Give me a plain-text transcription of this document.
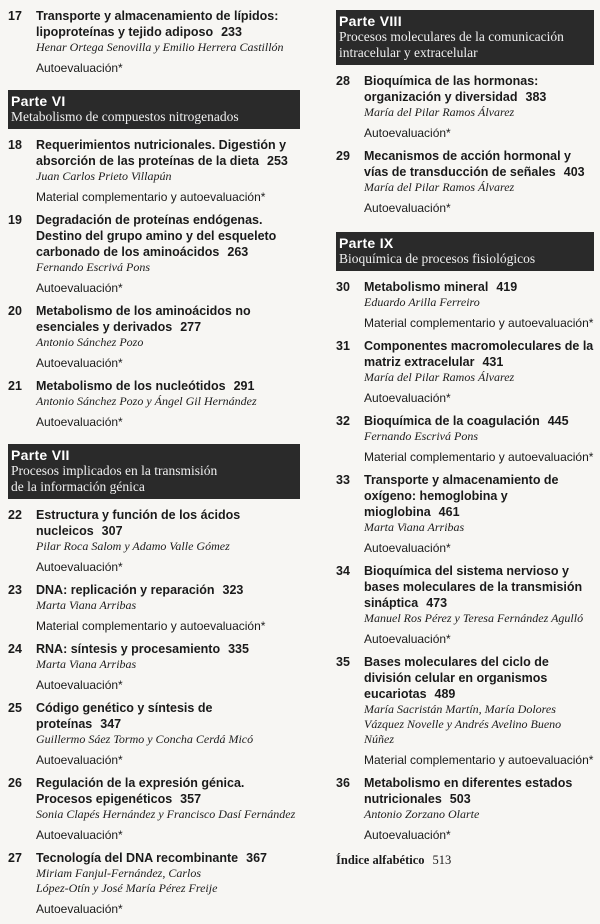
17	Transporte y almacenamiento de lípidos: lipoproteínas y tejido adiposo 233
Henar Ortega Senovilla y Emilio Herrera Castillón
Autoevaluación*
Parte VI
Metabolismo de compuestos nitrogenados
18	Requerimientos nutricionales. Digestión y absorción de las proteínas de la dieta 253
Juan Carlos Prieto Villapún
Material complementario y autoevaluación*
19	Degradación de proteínas endógenas. Destino del grupo amino y del esqueleto carbonado de los aminoácidos 263
Fernando Escrivá Pons
Autoevaluación*
20	Metabolismo de los aminoácidos no esenciales y derivados 277
Antonio Sánchez Pozo
Autoevaluación*
21	Metabolismo de los nucleótidos 291
Antonio Sánchez Pozo y Ángel Gil Hernández
Autoevaluación*
Parte VII
Procesos implicados en la transmisión de la información génica
22	Estructura y función de los ácidos nucleicos 307
Pilar Roca Salom y Adamo Valle Gómez
Autoevaluación*
23	DNA: replicación y reparación 323
Marta Viana Arribas
Material complementario y autoevaluación*
24	RNA: síntesis y procesamiento 335
Marta Viana Arribas
Autoevaluación*
25	Código genético y síntesis de proteínas 347
Guillermo Sáez Tormo y Concha Cerdá Micó
Autoevaluación*
26	Regulación de la expresión génica. Procesos epigenéticos 357
Sonia Clapés Hernández y Francisco Dasí Fernández
Autoevaluación*
27	Tecnología del DNA recombinante 367
Miriam Fanjul-Fernández, Carlos López-Otín y José María Pérez Freije
Autoevaluación*
Parte VIII
Procesos moleculares de la comunicación intracelular y extracelular
28	Bioquímica de las hormonas: organización y diversidad 383
María del Pilar Ramos Álvarez
Autoevaluación*
29	Mecanismos de acción hormonal y vías de transducción de señales 403
María del Pilar Ramos Álvarez
Autoevaluación*
Parte IX
Bioquímica de procesos fisiológicos
30	Metabolismo mineral 419
Eduardo Arilla Ferreiro
Material complementario y autoevaluación*
31	Componentes macromoleculares de la matriz extracelular 431
María del Pilar Ramos Álvarez
Autoevaluación*
32	Bioquímica de la coagulación 445
Fernando Escrivá Pons
Material complementario y autoevaluación*
33	Transporte y almacenamiento de oxígeno: hemoglobina y mioglobina 461
Marta Viana Arribas
Autoevaluación*
34	Bioquímica del sistema nervioso y bases moleculares de la transmisión sináptica 473
Manuel Ros Pérez y Teresa Fernández Agulló
Autoevaluación*
35	Bases moleculares del ciclo de división celular en organismos eucariotas 489
María Sacristán Martín, María Dolores Vázquez Novelle y Andrés Avelino Bueno Núñez
Material complementario y autoevaluación*
36	Metabolismo en diferentes estados nutricionales 503
Antonio Zorzano Olarte
Autoevaluación*
Índice alfabético 513
